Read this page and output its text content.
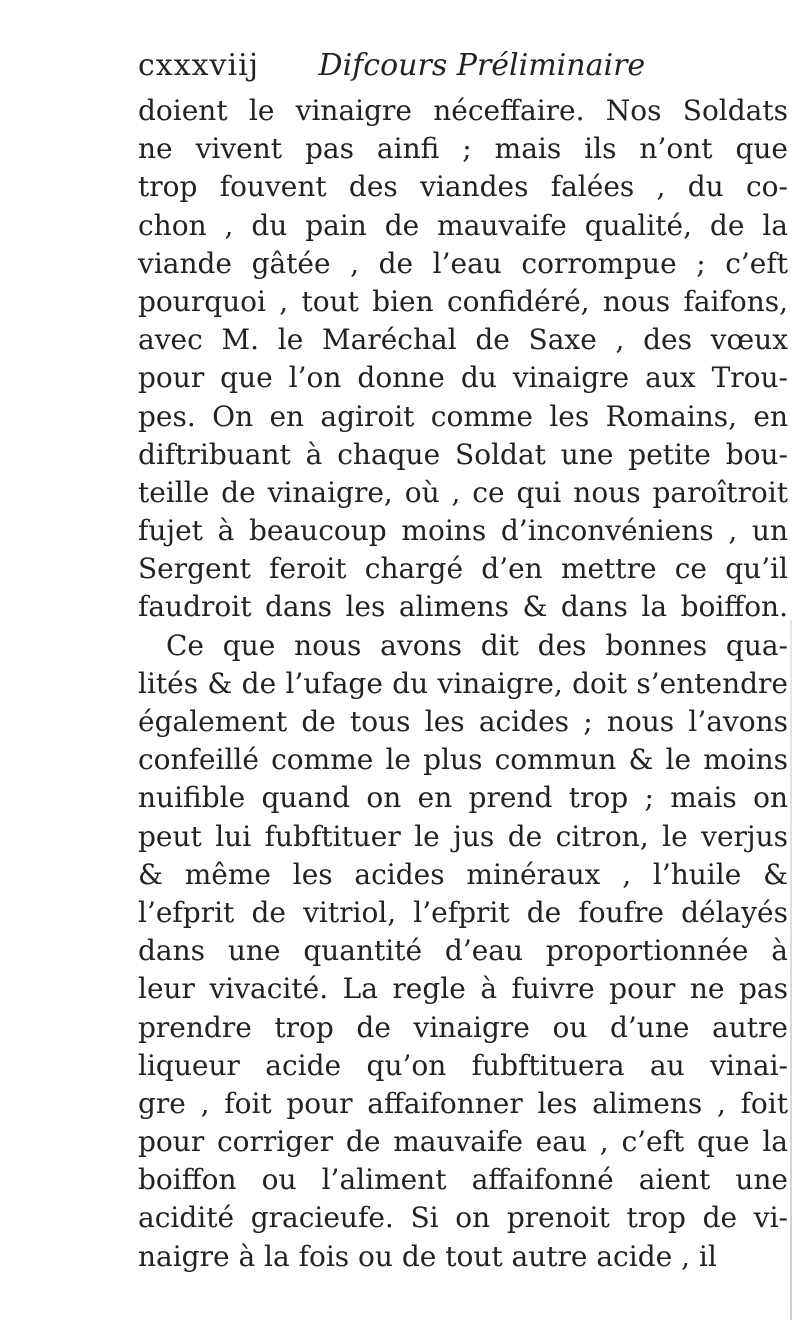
cxxxviij Difcours Préliminaire
doient le vinaigre néceffaire. Nos Soldats
ne vivent pas ainfi ; mais ils n’ont que
trop fouvent des viandes falées , du co-
chon , du pain de mauvaife qualité, de la
viande gâtée , de l’eau corrompue ; c’eft
pourquoi , tout bien confidéré, nous faifons,
avec M. le Maréchal de Saxe , des vœux
pour que l’on donne du vinaigre aux Trou-
pes. On en agiroit comme les Romains, en
diftribuant à chaque Soldat une petite bou-
teille de vinaigre, où , ce qui nous paroîtroit
fujet à beaucoup moins d’inconvéniens , un
Sergent feroit chargé d’en mettre ce qu’il
faudroit dans les alimens & dans la boiffon.
Ce que nous avons dit des bonnes qua-
lités & de l’ufage du vinaigre, doit s’entendre
également de tous les acides ; nous l’avons
confeillé comme le plus commun & le moins
nuifible quand on en prend trop ; mais on
peut lui fubftituer le jus de citron, le verjus
& même les acides minéraux , l’huile &
l’efprit de vitriol, l’efprit de foufre délayés
dans une quantité d’eau proportionnée à
leur vivacité. La regle à fuivre pour ne pas
prendre trop de vinaigre ou d’une autre
liqueur acide qu’on fubftituera au vinai-
gre , foit pour affaifonner les alimens , foit
pour corriger de mauvaife eau , c’eft que la
boiffon ou l’aliment affaifonné aient une
acidité gracieufe. Si on prenoit trop de vi-
naigre à la fois ou de tout autre acide , il
